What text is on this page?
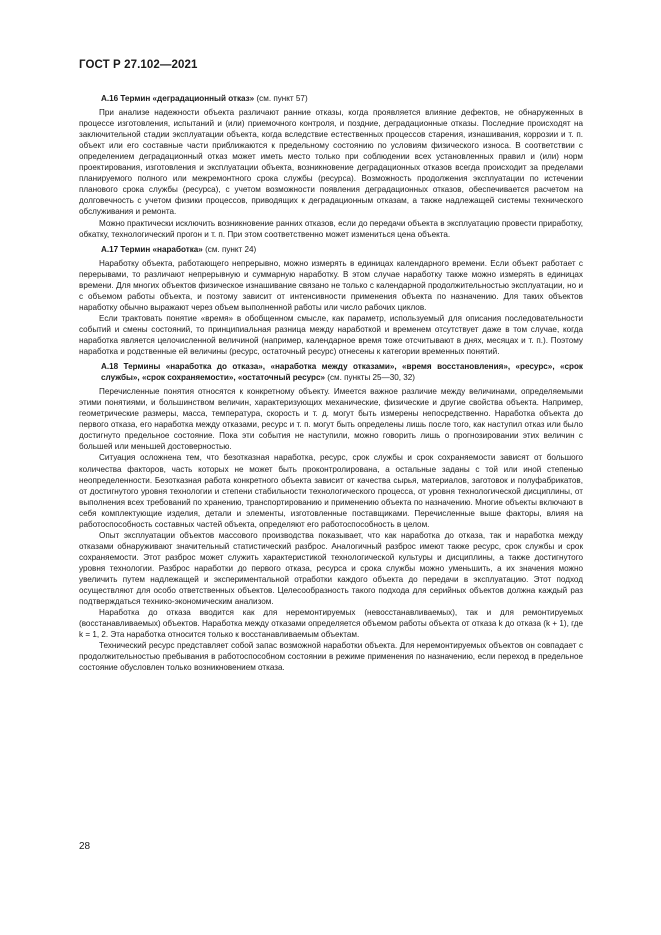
ГОСТ Р 27.102—2021

А.16 Термин «деградационный отказ» (см. пункт 57)

При анализе надежности объекта различают ранние отказы, когда проявляется влияние дефектов, не обнаруженных в процессе изготовления, испытаний и (или) приемочного контроля, и поздние, деградационные отказы. Последние происходят на заключительной стадии эксплуатации объекта, когда вследствие естественных процессов старения, изнашивания, коррозии и т. п. объект или его составные части приближаются к предельному состоянию по условиям физического износа. В соответствии с определением деградационный отказ может иметь место только при соблюдении всех установленных правил и (или) норм проектирования, изготовления и эксплуатации объекта, возникновение деградационных отказов всегда происходит за пределами планируемого полного или межремонтного срока службы (ресурса). Возможность продолжения эксплуатации по истечении планового срока службы (ресурса), с учетом возможности появления деградационных отказов, обеспечивается расчетом на долговечность с учетом физики процессов, приводящих к деградационным отказам, а также надлежащей системы технического обслуживания и ремонта.

Можно практически исключить возникновение ранних отказов, если до передачи объекта в эксплуатацию провести приработку, обкатку, технологический прогон и т. п. При этом соответственно может измениться цена объекта.

А.17 Термин «наработка» (см. пункт 24)

Наработку объекта, работающего непрерывно, можно измерять в единицах календарного времени. Если объект работает с перерывами, то различают непрерывную и суммарную наработку. В этом случае наработку также можно измерять в единицах времени. Для многих объектов физическое изнашивание связано не только с календарной продолжительностью эксплуатации, но и с объемом работы объекта, и поэтому зависит от интенсивности применения объекта по назначению. Для таких объектов наработку обычно выражают через объем выполненной работы или число рабочих циклов.

Если трактовать понятие «время» в обобщенном смысле, как параметр, используемый для описания последовательности событий и смены состояний, то принципиальная разница между наработкой и временем отсутствует даже в том случае, когда наработка является целочисленной величиной (например, календарное время тоже отсчитывают в днях, месяцах и т. п.). Поэтому наработка и родственные ей величины (ресурс, остаточный ресурс) отнесены к категории временных понятий.

А.18 Термины «наработка до отказа», «наработка между отказами», «время восстановления», «ресурс», «срок службы», «срок сохраняемости», «остаточный ресурс» (см. пункты 25—30, 32)

Перечисленные понятия относятся к конкретному объекту. Имеется важное различие между величинами, определяемыми этими понятиями, и большинством величин, характеризующих механические, физические и другие свойства объекта. Например, геометрические размеры, масса, температура, скорость и т. д. могут быть измерены непосредственно. Наработка объекта до первого отказа, его наработка между отказами, ресурс и т. п. могут быть определены лишь после того, как наступил отказ или было достигнуто предельное состояние. Пока эти события не наступили, можно говорить лишь о прогнозировании этих величин с большей или меньшей достоверностью.

Ситуация осложнена тем, что безотказная наработка, ресурс, срок службы и срок сохраняемости зависят от большого количества факторов, часть которых не может быть проконтролирована, а остальные заданы с той или иной степенью неопределенности. Безотказная работа конкретного объекта зависит от качества сырья, материалов, заготовок и полуфабрикатов, от достигнутого уровня технологии и степени стабильности технологического процесса, от уровня технологической дисциплины, от выполнения всех требований по хранению, транспортированию и применению объекта по назначению. Многие объекты включают в себя комплектующие изделия, детали и элементы, изготовленные поставщиками. Перечисленные выше факторы, влияя на работоспособность составных частей объекта, определяют его работоспособность в целом.

Опыт эксплуатации объектов массового производства показывает, что как наработка до отказа, так и наработка между отказами обнаруживают значительный статистический разброс. Аналогичный разброс имеют также ресурс, срок службы и срок сохраняемости. Этот разброс может служить характеристикой технологической культуры и дисциплины, а также достигнутого уровня технологии. Разброс наработки до первого отказа, ресурса и срока службы можно уменьшить, а их значения можно увеличить путем надлежащей и экспериментальной отработки каждого объекта до передачи в эксплуатацию. Этот подход осуществляют для особо ответственных объектов. Целесообразность такого подхода для серийных объектов должна каждый раз подтверждаться технико-экономическим анализом.

Наработка до отказа вводится как для неремонтируемых (невосстанавливаемых), так и для ремонтируемых (восстанавливаемых) объектов. Наработка между отказами определяется объемом работы объекта от отказа k до отказа (k + 1), где k = 1, 2. Эта наработка относится только к восстанавливаемым объектам.

Технический ресурс представляет собой запас возможной наработки объекта. Для неремонтируемых объектов он совпадает с продолжительностью пребывания в работоспособном состоянии в режиме применения по назначению, если переход в предельное состояние обусловлен только возникновением отказа.

28
